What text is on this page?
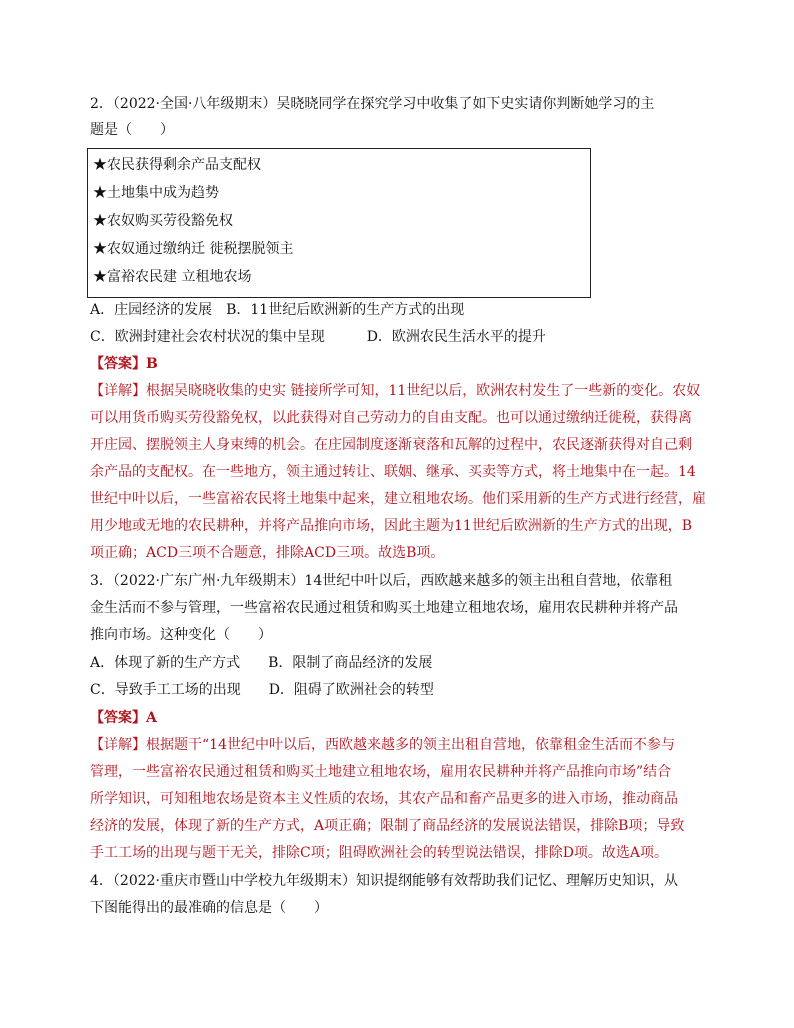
2．（2022·全国·八年级期末）吴晓晓同学在探究学习中收集了如下史实请你判断她学习的主
题是（　　）
★农民获得剩余产品支配权
★土地集中成为趋势
★农奴购买劳役豁免权
★农奴通过缴纳迁 徙税摆脱领主
★富裕农民建 立租地农场
A．庄园经济的发展　B．11世纪后欧洲新的生产方式的出现
C．欧洲封建社会农村状况的集中呈现　　　D．欧洲农民生活水平的提升
【答案】B
【详解】根据吴晓晓收集的史实 链接所学可知，11世纪以后，欧洲农村发生了一些新的变化。农奴
可以用货币购买劳役豁免权，以此获得对自己劳动力的自由支配。也可以通过缴纳迁徙税，获得离
开庄园、摆脱领主人身束缚的机会。在庄园制度逐渐衰落和瓦解的过程中，农民逐渐获得对自己剩
余产品的支配权。在一些地方，领主通过转让、联姻、继承、买卖等方式，将土地集中在一起。14
世纪中叶以后，一些富裕农民将土地集中起来，建立租地农场。他们采用新的生产方式进行经营，雇
用少地或无地的农民耕种，并将产品推向市场，因此主题为11世纪后欧洲新的生产方式的出现，B
项正确；ACD三项不合题意，排除ACD三项。故选B项。
3．（2022·广东广州·九年级期末）14世纪中叶以后，西欧越来越多的领主出租自营地，依靠租
金生活而不参与管理，一些富裕农民通过租赁和购买土地建立租地农场，雇用农民耕种并将产品
推向市场。这种变化（　　）
A．体现了新的生产方式　　B．限制了商品经济的发展
C．导致手工工场的出现　　D．阻碍了欧洲社会的转型
【答案】A
【详解】根据题干“14世纪中叶以后，西欧越来越多的领主出租自营地，依靠租金生活而不参与
管理，一些富裕农民通过租赁和购买土地建立租地农场，雇用农民耕种并将产品推向市场”结合
所学知识，可知租地农场是资本主义性质的农场，其农产品和畜产品更多的进入市场，推动商品
经济的发展，体现了新的生产方式，A项正确；限制了商品经济的发展说法错误，排除B项；导致
手工工场的出现与题干无关，排除C项；阻碍欧洲社会的转型说法错误，排除D项。故选A项。
4．（2022·重庆市暨山中学校九年级期末）知识提纲能够有效帮助我们记忆、理解历史知识，从
下图能得出的最准确的信息是（　　）
